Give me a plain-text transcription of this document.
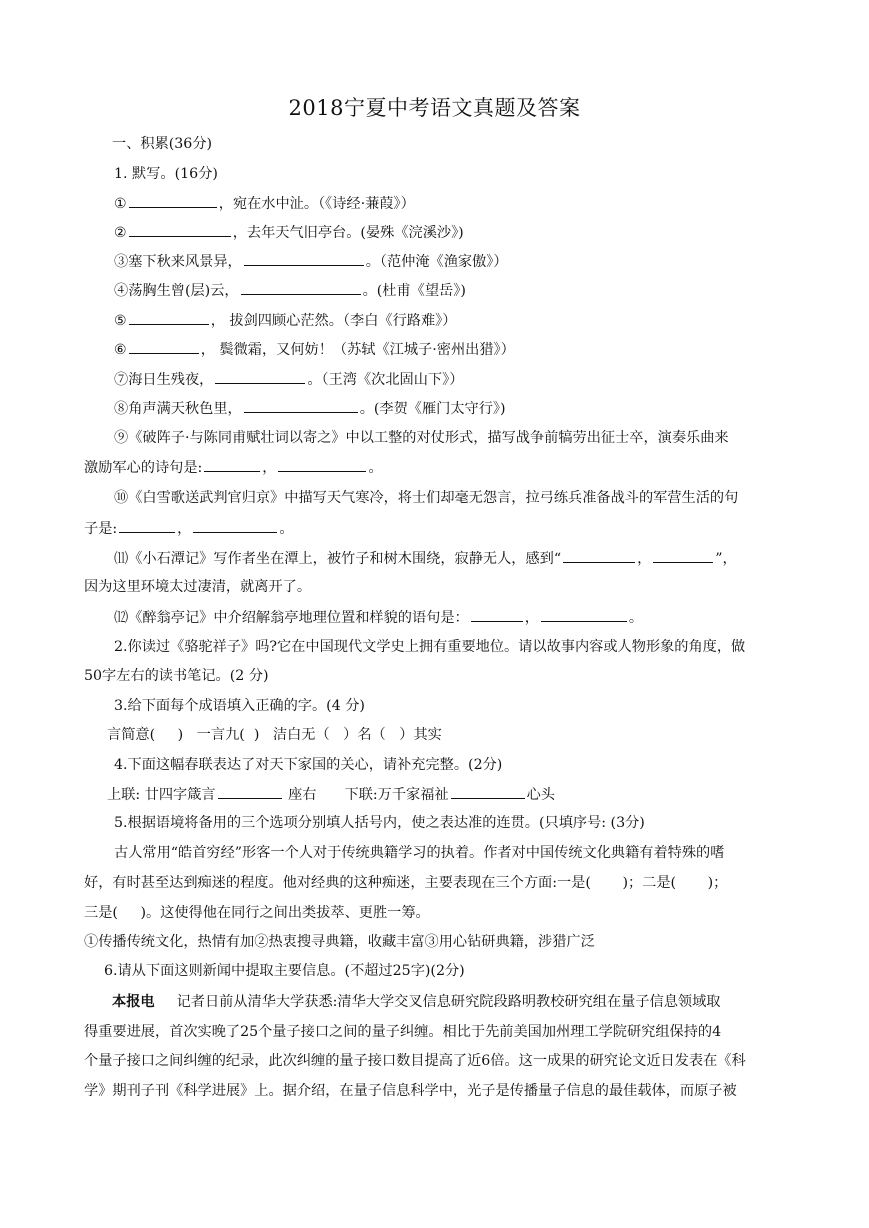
2018宁夏中考语文真题及答案
一、积累(36分)
1. 默写。(16分)
①	，宛在水中沚。（《诗经·蒹葭》）
②	，去年天气旧亭台。(晏殊《浣溪沙》)
③塞下秋来风景异，	。（范仲淹《渔家傲》）
④荡胸生曾(层)云，	。(杜甫《望岳》)
⑤	， 拔剑四顾心茫然。（李白《行路难》）
⑥	， 鬓微霜，又何妨！（苏轼《江城子·密州出猎》）
⑦海日生残夜，	。（王湾《次北固山下》）
⑧角声满天秋色里，	。(李贺《雁门太守行》)
⑨《破阵子·与陈同甫赋壮词以寄之》中以工整的对仗形式，描写战争前犒劳出征士卒，演奏乐曲来
激励军心的诗句是:	，	。
⑩《白雪歌送武判官归京》中描写天气寒冷，将士们却毫无怨言，拉弓练兵准备战斗的军营生活的句
子是:	，	。
⑾《小石潭记》写作者坐在潭上，被竹子和树木围绕，寂静无人，感到“	，	”，
因为这里环境太过凄清，就离开了。
⑿《醉翁亭记》中介绍解翁亭地理位置和样貌的语句是：	，	。
2.你读过《骆驼祥子》吗?它在中国现代文学史上拥有重要地位。请以故事内容或人物形象的角度，做
50字左右的读书笔记。(2 分)
3.给下面每个成语填入正确的字。(4 分)
言简意(     )   一言九(  )   洁白无（   ）名（   ）其实
4.下面这幅春联表达了对天下家国的关心，请补充完整。(2分)
上联: 廿四字箴言	座右 下联:万千家福祉	心头
5.根据语境将备用的三个选项分别填人括号内，使之表达准的连贯。(只填序号: (3分)
古人常用“皓首穷经”形客一个人对于传统典籍学习的执着。作者对中国传统文化典籍有着特殊的嗜
好，有时甚至达到痴迷的程度。他对经典的这种痴迷，主要表现在三个方面:一是(       )；二是(       )；
三是(     )。这使得他在同行之间出类拔萃、更胜一筹。
①传播传统文化，热情有加②热衷搜寻典籍，收藏丰富③用心钻研典籍，涉猎广泛
6.请从下面这则新闻中提取主要信息。(不超过25字)(2分)
本报电 记者日前从清华大学获悉:清华大学交叉信息研究院段路明教校研究组在量子信息领域取
得重要进展，首次实晚了25个量子接口之间的量子纠缠。相比于先前美国加州理工学院研究组保持的4
个量子接口之间纠缠的纪录，此次纠缠的量子接口数目提高了近6倍。这一成果的研究论文近日发表在《科
学》期刊子刊《科学进展》上。据介绍，在量子信息科学中，光子是传播量子信息的最佳载体，而原子被
